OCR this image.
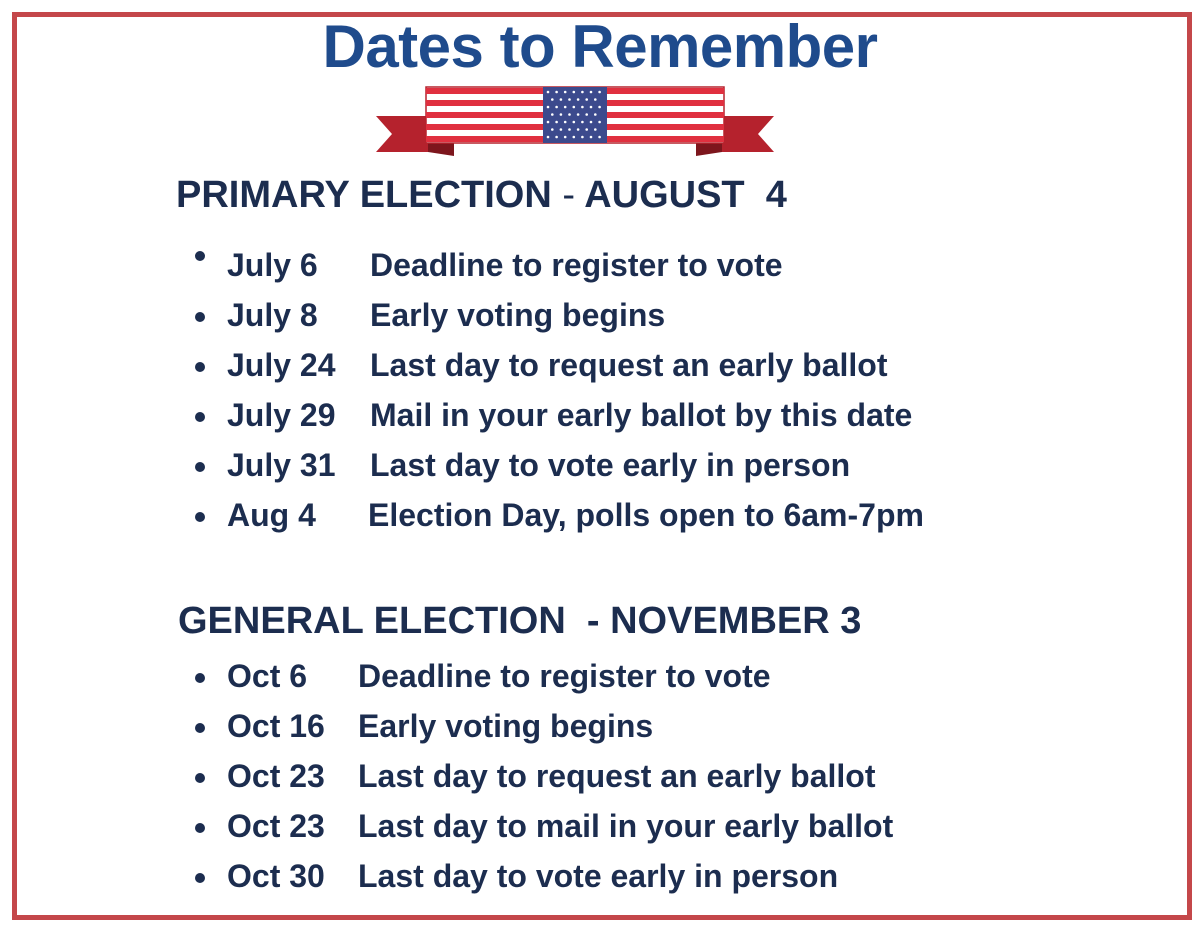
Dates to Remember
PRIMARY ELECTION - AUGUST  4
July 6 Deadline to register to vote
July 8 Early voting begins
July 24 Last day to request an early ballot
July 29 Mail in your early ballot by this date
July 31 Last day to vote early in person
Aug 4 Election Day, polls open to 6am-7pm
GENERAL ELECTION  - NOVEMBER 3
Oct 6 Deadline to register to vote
Oct 16 Early voting begins
Oct 23 Last day to request an early ballot
Oct 23 Last day to mail in your early ballot
Oct 30 Last day to vote early in person
